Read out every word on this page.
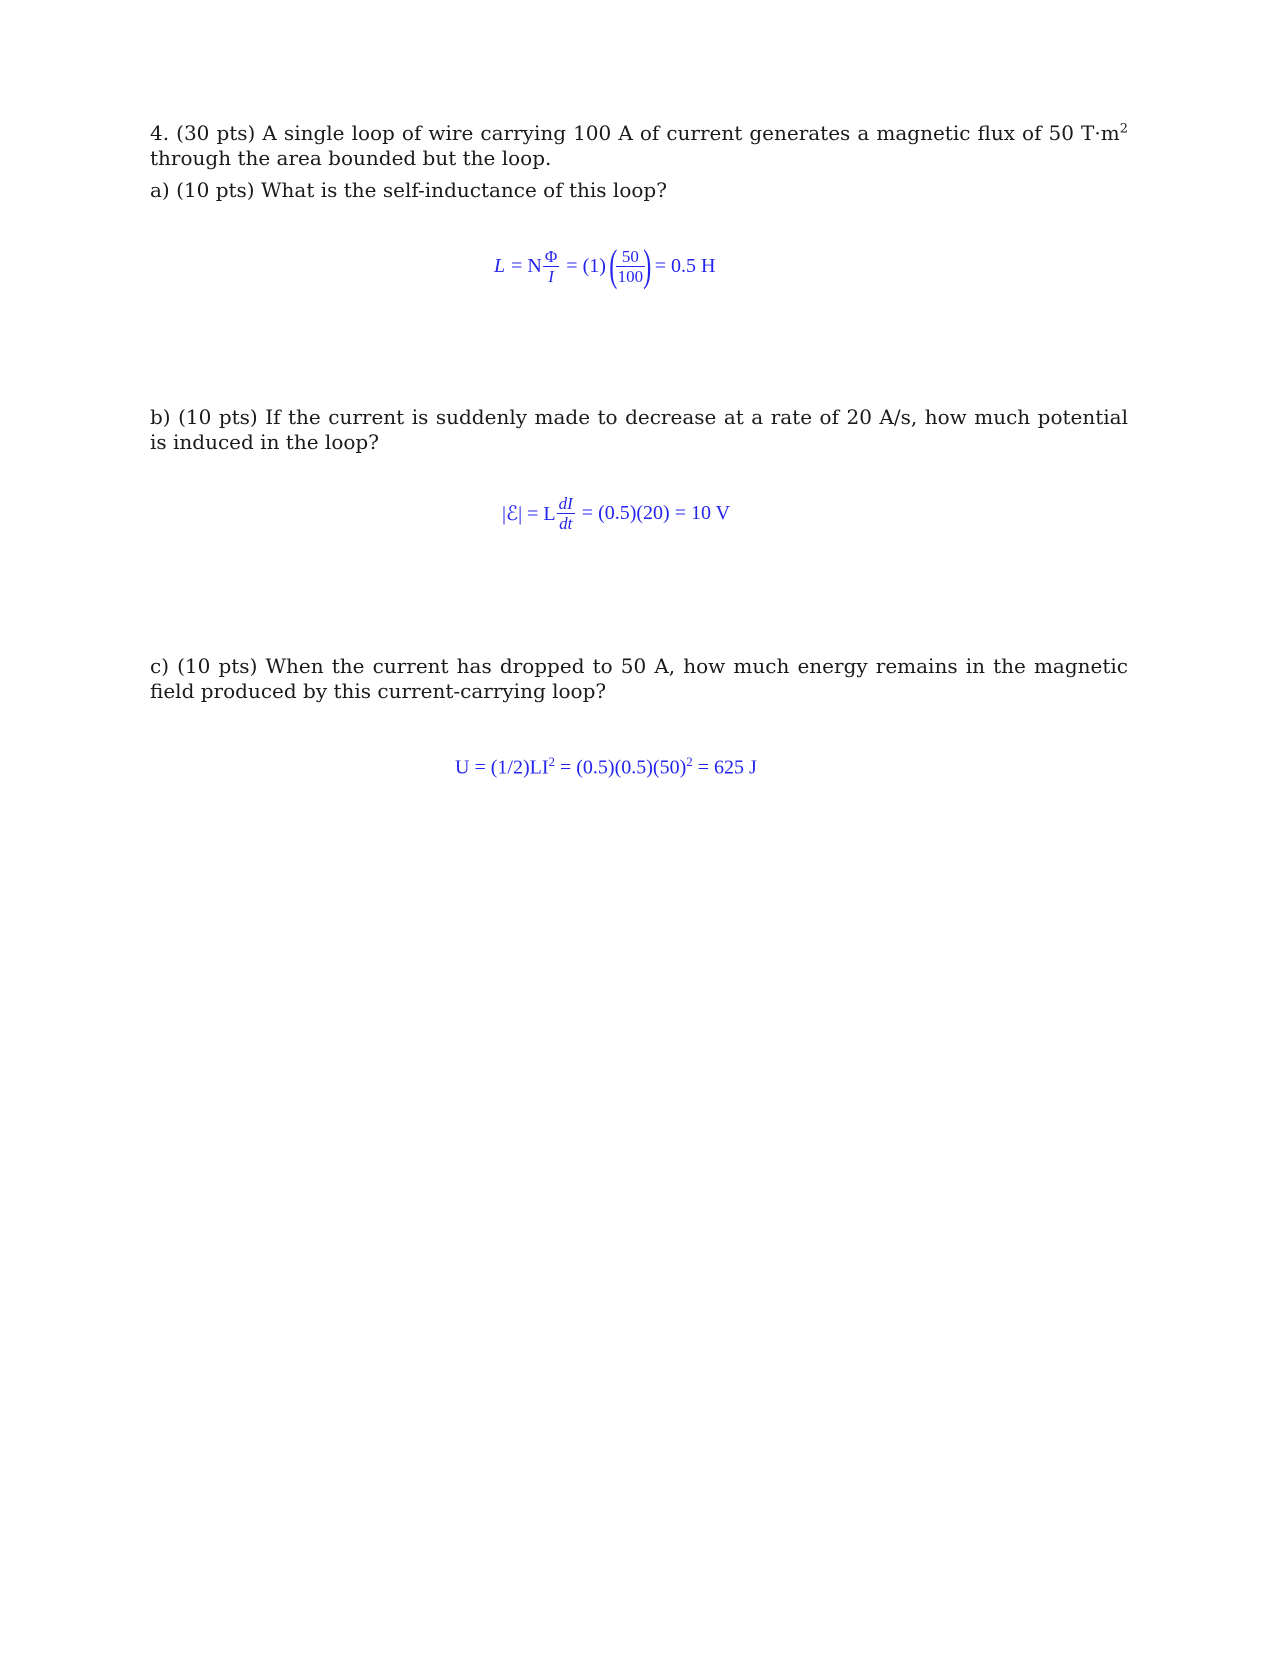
4. (30 pts) A single loop of wire carrying 100 A of current generates a magnetic flux of 50 $T\cdot m^2$ through the area bounded but the loop.
a) (10 pts) What is the self-inductance of this loop?
L = N $\frac{\Phi}{I} = (1)$ (
$\frac{50}{100}$
) = 0.5 H
b) (10 pts) If the current is suddenly made to decrease at a rate of 20 A/s, how much potential is induced in the loop?
|ℰ| = L $\frac{dI}{dt} = (0.5)(20) = 10$ V
c) (10 pts) When the current has dropped to 50 A, how much energy remains in the magnetic field produced by this current-carrying loop?
$U = (1/2)LI^2 = (0.5)(0.5)(50)^2 = 625$ J
